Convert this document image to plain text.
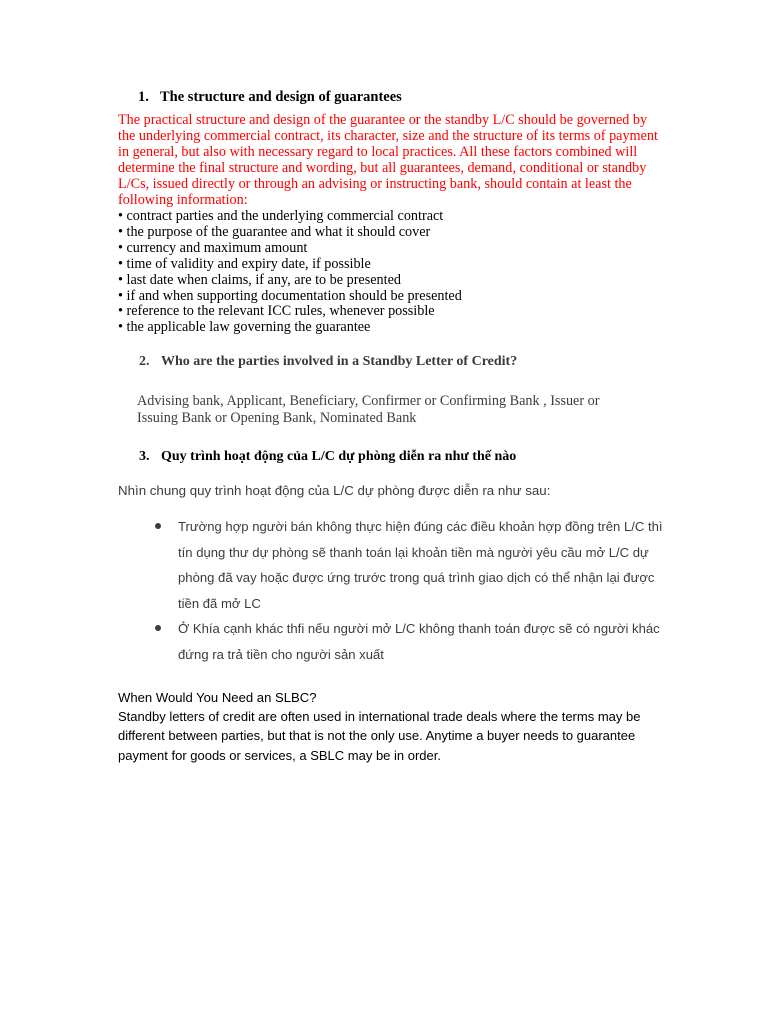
1. The structure and design of guarantees

The practical structure and design of the guarantee or the standby L/C should be governed by the underlying commercial contract, its character, size and the structure of its terms of payment in general, but also with necessary regard to local practices. All these factors combined will determine the final structure and wording, but all guarantees, demand, conditional or standby L/Cs, issued directly or through an advising or instructing bank, should contain at least the following information:

• contract parties and the underlying commercial contract
• the purpose of the guarantee and what it should cover
• currency and maximum amount
• time of validity and expiry date, if possible
• last date when claims, if any, are to be presented
• if and when supporting documentation should be presented
• reference to the relevant ICC rules, whenever possible
• the applicable law governing the guarantee
2. Who are the parties involved in a Standby Letter of Credit?

Advising bank, Applicant, Beneficiary, Confirmer or Confirming Bank , Issuer or Issuing Bank or Opening Bank, Nominated Bank

3. Quy trình hoạt động của L/C dự phòng diễn ra như thế nào
Nhìn chung quy trình hoạt động của L/C dự phòng được diễn ra như sau:
Trường hợp người bán không thực hiện đúng các điều khoản hợp đồng trên L/C thì tín dụng thư dự phòng sẽ thanh toán lại khoản tiền mà người yêu cầu mở L/C dự phòng đã vay hoặc được ứng trước trong quá trình giao dịch có thể nhận lại được tiền đã mở LC
Ở Khía cạnh khác thfi nếu người mở L/C không thanh toán được sẽ có người khác đứng ra trả tiền cho người sản xuất
When Would You Need an SLBC?

Standby letters of credit are often used in international trade deals where the terms may be different between parties, but that is not the only use. Anytime a buyer needs to guarantee payment for goods or services, a SBLC may be in order.
